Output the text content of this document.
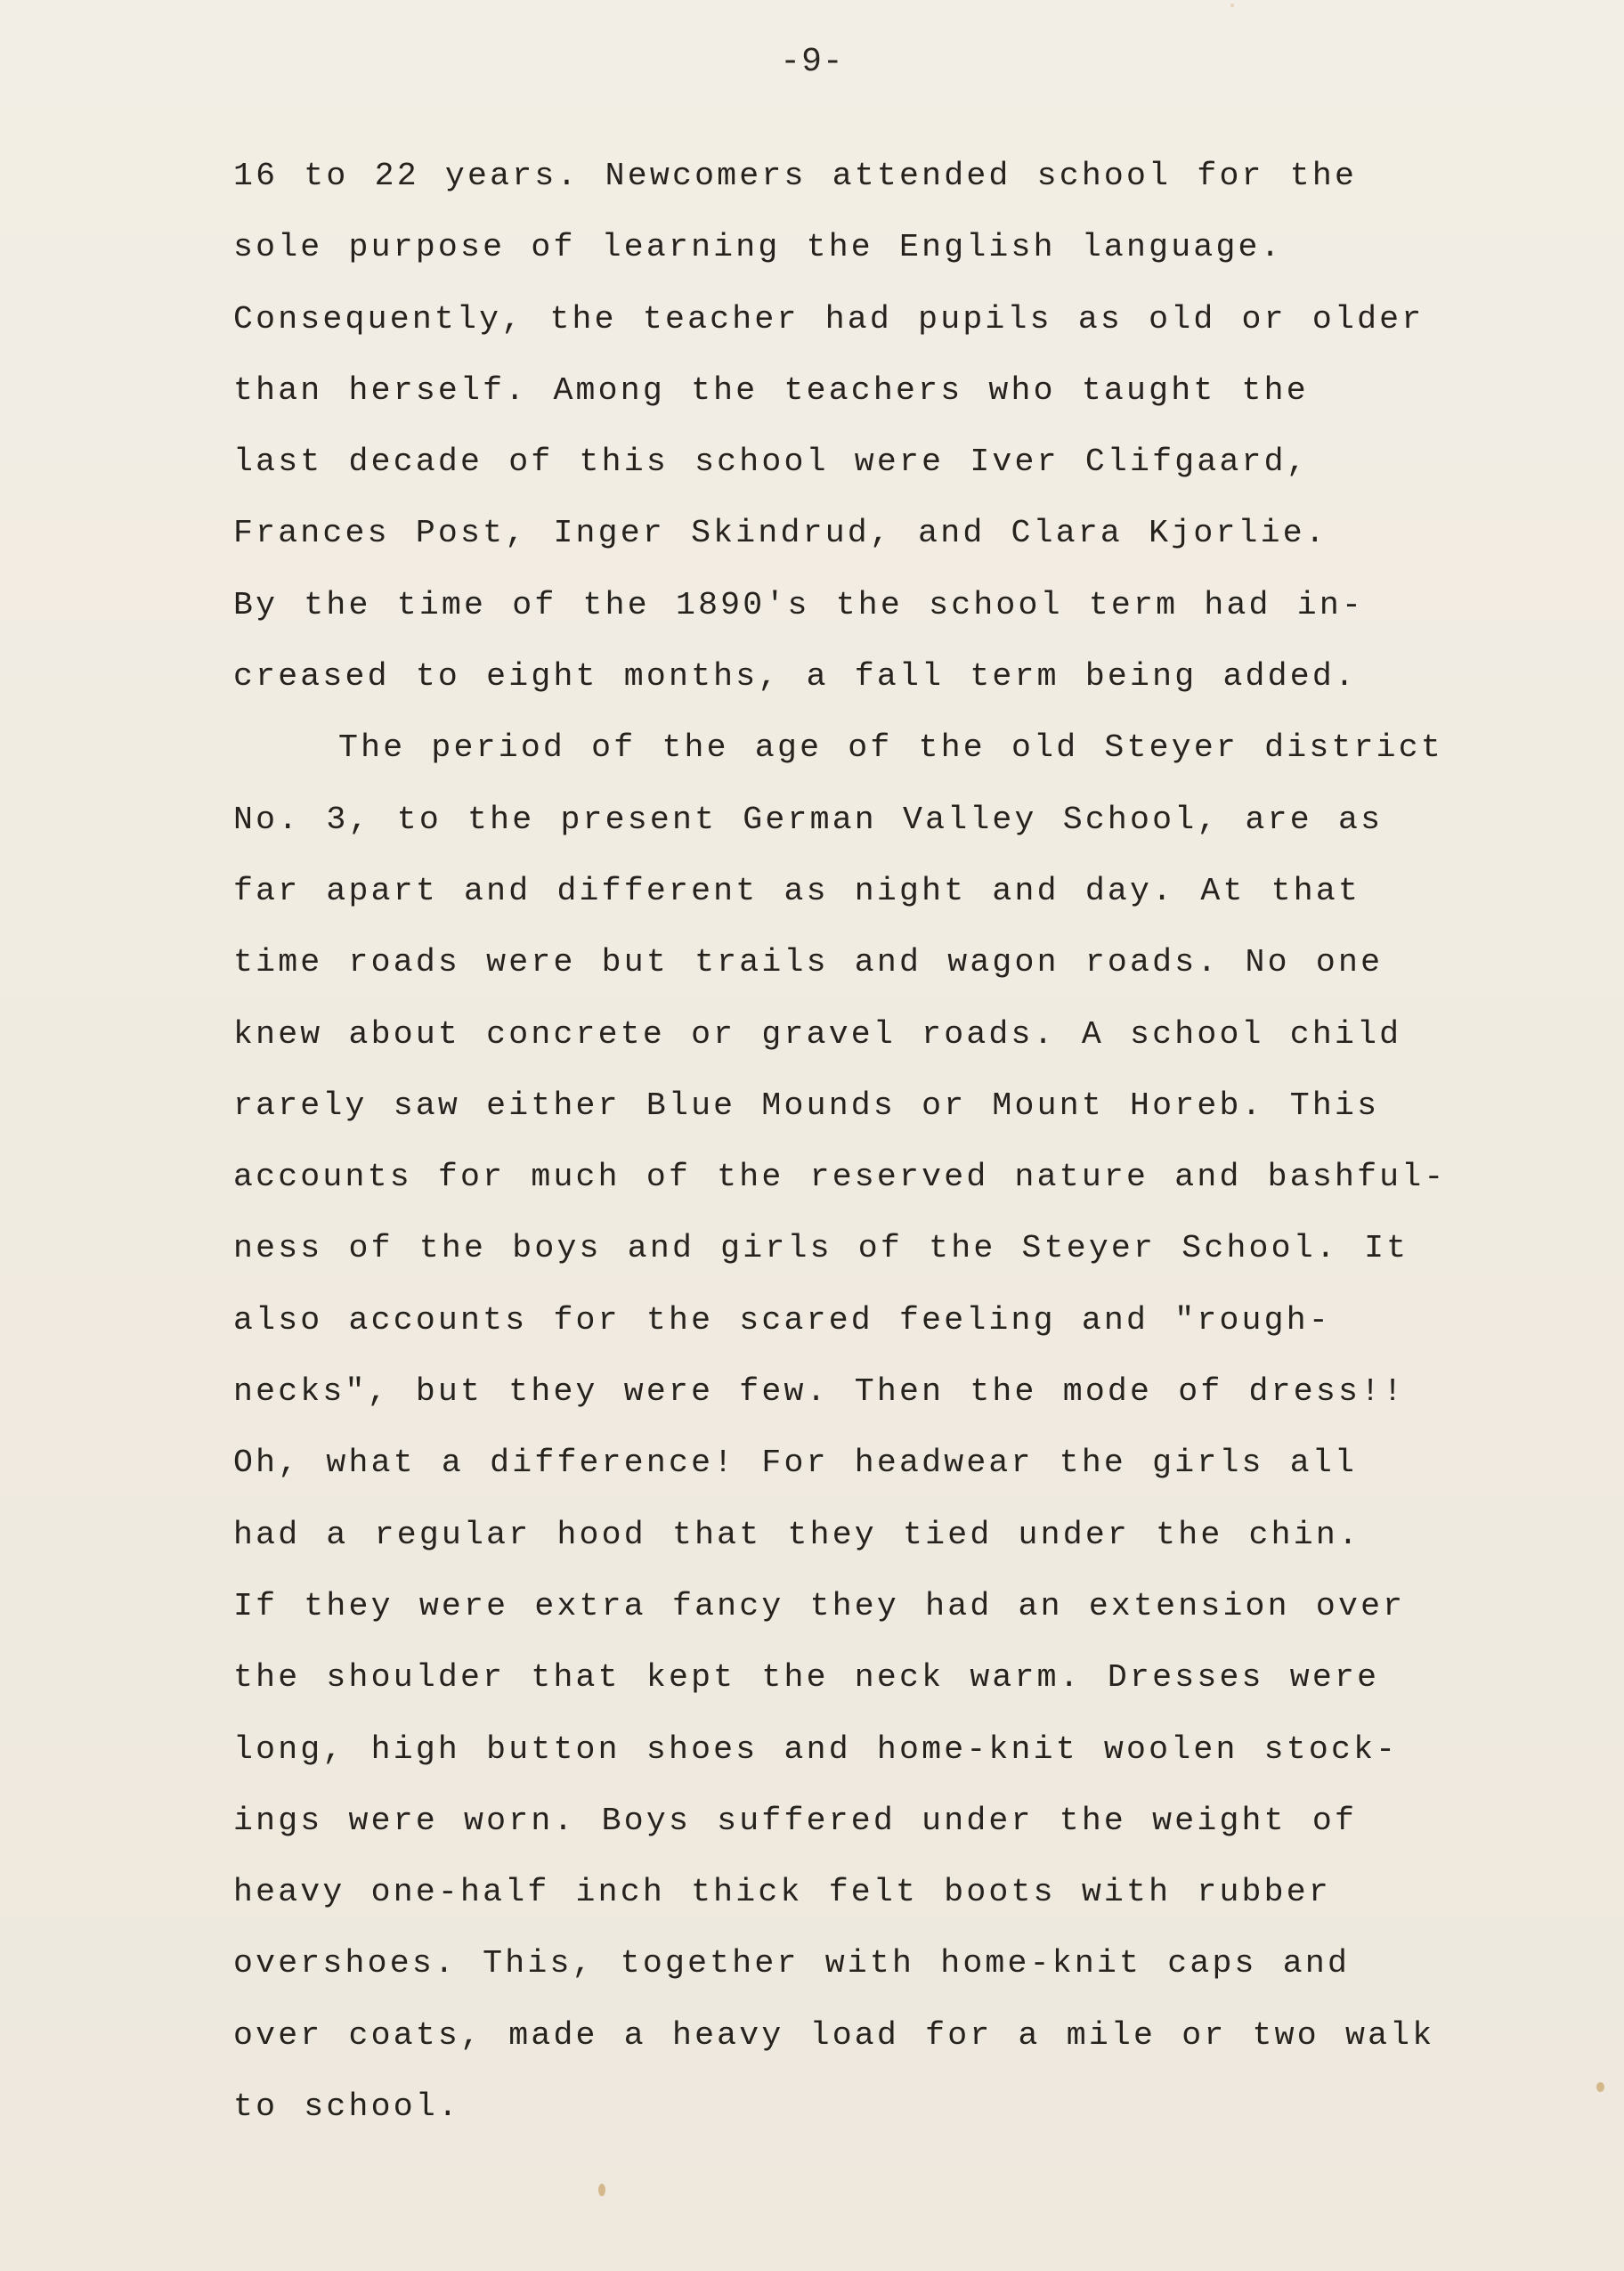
-9-
16 to 22 years. Newcomers attended school for the
sole purpose of learning the English language.
Consequently, the teacher had pupils as old or older
than herself. Among the teachers who taught the
last decade of this school were Iver Clifgaard,
Frances Post, Inger Skindrud, and Clara Kjorlie.
By the time of the 1890's the school term had in-
creased to eight months, a fall term being added.
The period of the age of the old Steyer district
No. 3, to the present German Valley School, are as
far apart and different as night and day. At that
time roads were but trails and wagon roads. No one
knew about concrete or gravel roads. A school child
rarely saw either Blue Mounds or Mount Horeb. This
accounts for much of the reserved nature and bashful-
ness of the boys and girls of the Steyer School. It
also accounts for the scared feeling and "rough-
necks", but they were few. Then the mode of dress!!
Oh, what a difference! For headwear the girls all
had a regular hood that they tied under the chin.
If they were extra fancy they had an extension over
the shoulder that kept the neck warm. Dresses were
long, high button shoes and home-knit woolen stock-
ings were worn. Boys suffered under the weight of
heavy one-half inch thick felt boots with rubber
overshoes. This, together with home-knit caps and
over coats, made a heavy load for a mile or two walk
to school.
